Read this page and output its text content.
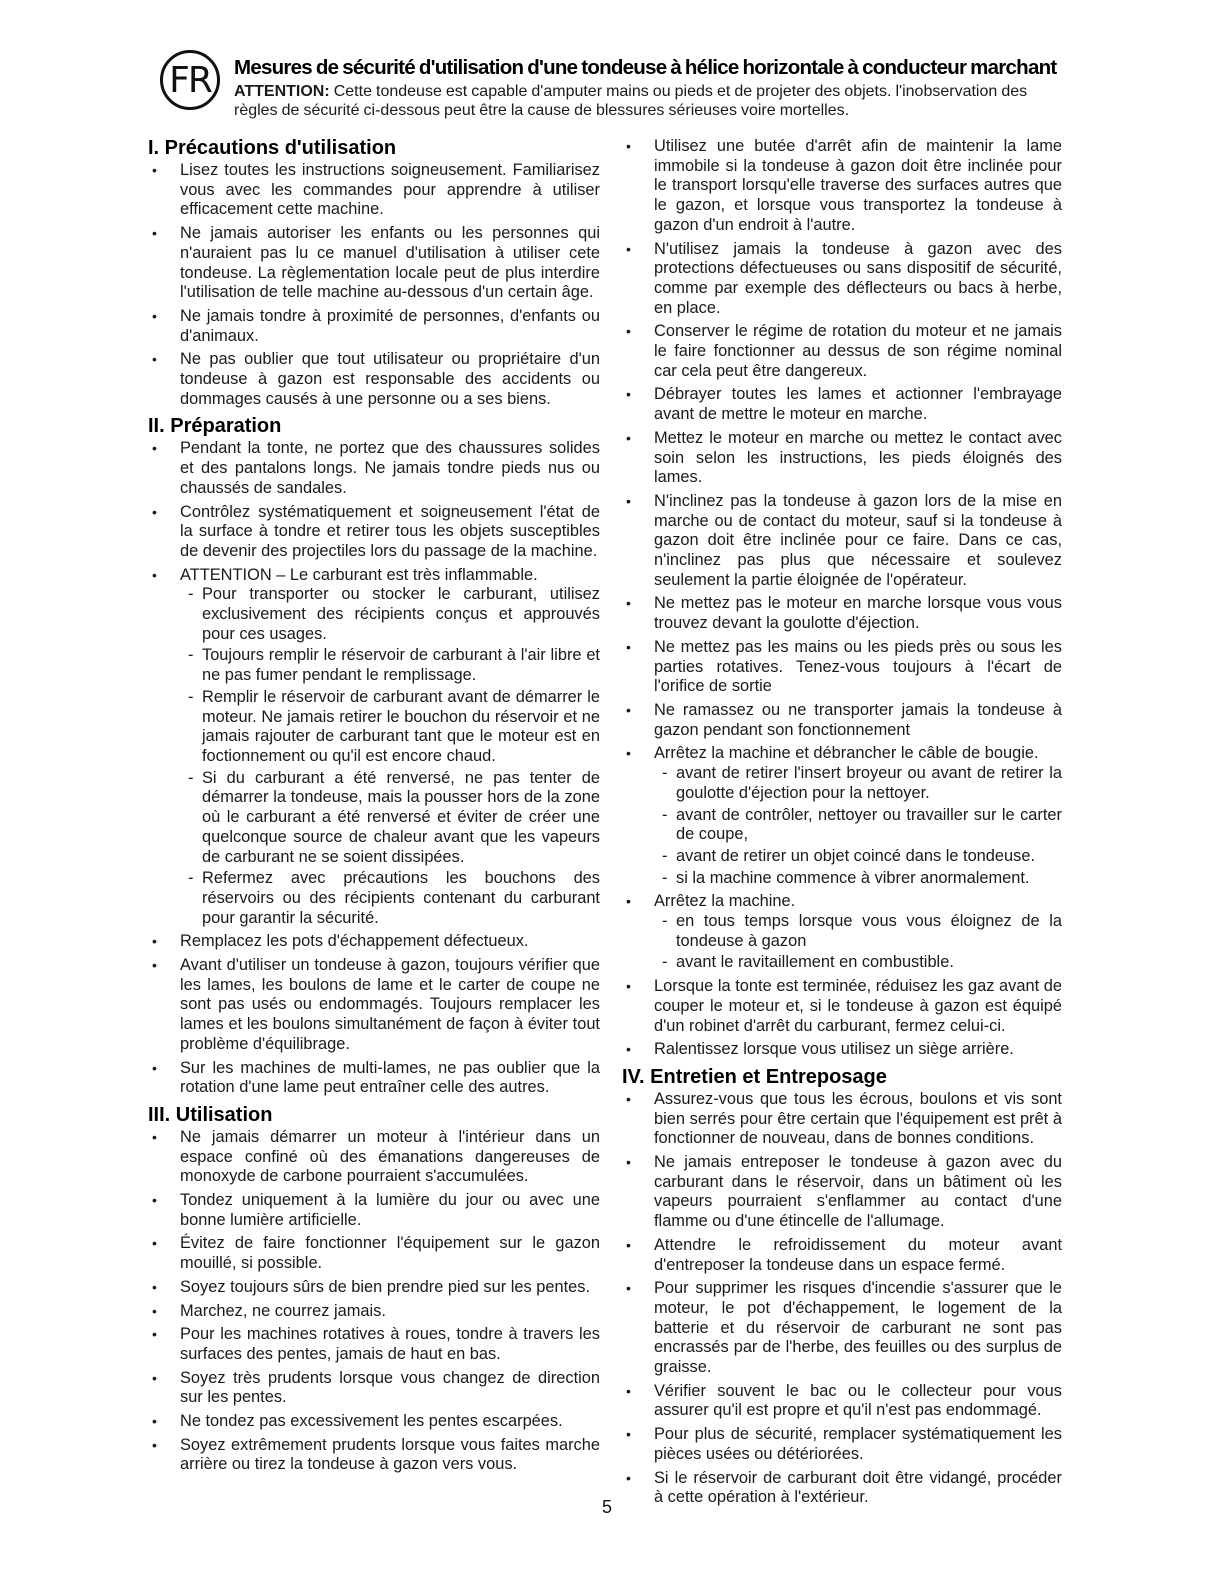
FR Mesures de sécurité d'utilisation d'une tondeuse à hélice horizontale à conducteur marchant
ATTENTION: Cette tondeuse est capable d'amputer mains ou pieds et de projeter des objets. l'inobservation des règles de sécurité ci-dessous peut être la cause de blessures sérieuses voire mortelles.
I. Précautions d'utilisation
• Lisez toutes les instructions soigneusement. Familiarisez vous avec les commandes pour apprendre à utiliser efficacement cette machine.
• Ne jamais autoriser les enfants ou les personnes qui n'auraient pas lu ce manuel d'utilisation à utiliser cete tondeuse. La règlementation locale peut de plus interdire l'utilisation de telle machine au-dessous d'un certain âge.
• Ne jamais tondre à proximité de personnes, d'enfants ou d'animaux.
• Ne pas oublier que tout utilisateur ou propriétaire d'un tondeuse à gazon est responsable des accidents ou dommages causés à une personne ou a ses biens.
II. Préparation
• Pendant la tonte, ne portez que des chaussures solides et des pantalons longs. Ne jamais tondre pieds nus ou chaussés de sandales.
• Contrôlez systématiquement et soigneusement l'état de la surface à tondre et retirer tous les objets susceptibles de devenir des projectiles lors du passage de la machine.
• ATTENTION – Le carburant est très inflammable.
- Pour transporter ou stocker le carburant, utilisez exclusivement des récipients conçus et approuvés pour ces usages.
- Toujours remplir le réservoir de carburant à l'air libre et ne pas fumer pendant le remplissage.
- Remplir le réservoir de carburant avant de démarrer le moteur. Ne jamais retirer le bouchon du réservoir et ne jamais rajouter de carburant tant que le moteur est en foctionnement ou qu'il est encore chaud.
- Si du carburant a été renversé, ne pas tenter de démarrer la tondeuse, mais la pousser hors de la zone où le carburant a été renversé et éviter de créer une quelconque source de chaleur avant que les vapeurs de carburant ne se soient dissipées.
- Refermez avec précautions les bouchons des réservoirs ou des récipients contenant du carburant pour garantir la sécurité.
• Remplacez les pots d'échappement défectueux.
• Avant d'utiliser un tondeuse à gazon, toujours vérifier que les lames, les boulons de lame et le carter de coupe ne sont pas usés ou endommagés. Toujours remplacer les lames et les boulons simultanément de façon à éviter tout problème d'équilibrage.
• Sur les machines de multi-lames, ne pas oublier que la rotation d'une lame peut entraîner celle des autres.
III. Utilisation
• Ne jamais démarrer un moteur à l'intérieur dans un espace confiné où des émanations dangereuses de monoxyde de carbone pourraient s'accumulées.
• Tondez uniquement à la lumière du jour ou avec une bonne lumière artificielle.
• Évitez de faire fonctionner l'équipement sur le gazon mouillé, si possible.
• Soyez toujours sûrs de bien prendre pied sur les pentes.
• Marchez, ne courrez jamais.
• Pour les machines rotatives à roues, tondre à travers les surfaces des pentes, jamais de haut en bas.
• Soyez très prudents lorsque vous changez de direction sur les pentes.
• Ne tondez pas excessivement les pentes escarpées.
• Soyez extrêmement prudents lorsque vous faites marche arrière ou tirez la tondeuse à gazon vers vous.
5
• Utilisez une butée d'arrêt afin de maintenir la lame immobile si la tondeuse à gazon doit être inclinée pour le transport lorsqu'elle traverse des surfaces autres que le gazon, et lorsque vous transportez la tondeuse à gazon d'un endroit à l'autre.
• N'utilisez jamais la tondeuse à gazon avec des protections défectueuses ou sans dispositif de sécurité, comme par exemple des déflecteurs ou bacs à herbe, en place.
• Conserver le régime de rotation du moteur et ne jamais le faire fonctionner au dessus de son régime nominal car cela peut être dangereux.
• Débrayer toutes les lames et actionner l'embrayage avant de mettre le moteur en marche.
• Mettez le moteur en marche ou mettez le contact avec soin selon les instructions, les pieds éloignés des lames.
• N'inclinez pas la tondeuse à gazon lors de la mise en marche ou de contact du moteur, sauf si la tondeuse à gazon doit être inclinée pour ce faire. Dans ce cas, n'inclinez pas plus que nécessaire et soulevez seulement la partie éloignée de l'opérateur.
• Ne mettez pas le moteur en marche lorsque vous vous trouvez devant la goulotte d'éjection.
• Ne mettez pas les mains ou les pieds près ou sous les parties rotatives. Tenez-vous toujours à l'écart de l'orifice de sortie
• Ne ramassez ou ne transporter jamais la tondeuse à gazon pendant son fonctionnement
• Arrêtez la machine et débrancher le câble de bougie.
- avant de retirer l'insert broyeur ou avant de retirer la goulotte d'éjection pour la nettoyer.
- avant de contrôler, nettoyer ou travailler sur le carter de coupe,
- avant de retirer un objet coincé dans le tondeuse.
- si la machine commence à vibrer anormalement.
• Arrêtez la machine.
- en tous temps lorsque vous vous éloignez de la tondeuse à gazon
- avant le ravitaillement en combustible.
• Lorsque la tonte est terminée, réduisez les gaz avant de couper le moteur et, si le tondeuse à gazon est équipé d'un robinet d'arrêt du carburant, fermez celui-ci.
• Ralentissez lorsque vous utilisez un siège arrière.
IV. Entretien et Entreposage
• Assurez-vous que tous les écrous, boulons et vis sont bien serrés pour être certain que l'équipement est prêt à fonctionner de nouveau, dans de bonnes conditions.
• Ne jamais entreposer le tondeuse à gazon avec du carburant dans le réservoir, dans un bâtiment où les vapeurs pourraient s'enflammer au contact d'une flamme ou d'une étincelle de l'allumage.
• Attendre le refroidissement du moteur avant d'entreposer la tondeuse dans un espace fermé.
• Pour supprimer les risques d'incendie s'assurer que le moteur, le pot d'échappement, le logement de la batterie et du réservoir de carburant ne sont pas encrassés par de l'herbe, des feuilles ou des surplus de graisse.
• Vérifier souvent le bac ou le collecteur pour vous assurer qu'il est propre et qu'il n'est pas endommagé.
• Pour plus de sécurité, remplacer systématiquement les pièces usées ou détériorées.
• Si le réservoir de carburant doit être vidangé, procéder à cette opération à l'extérieur.
